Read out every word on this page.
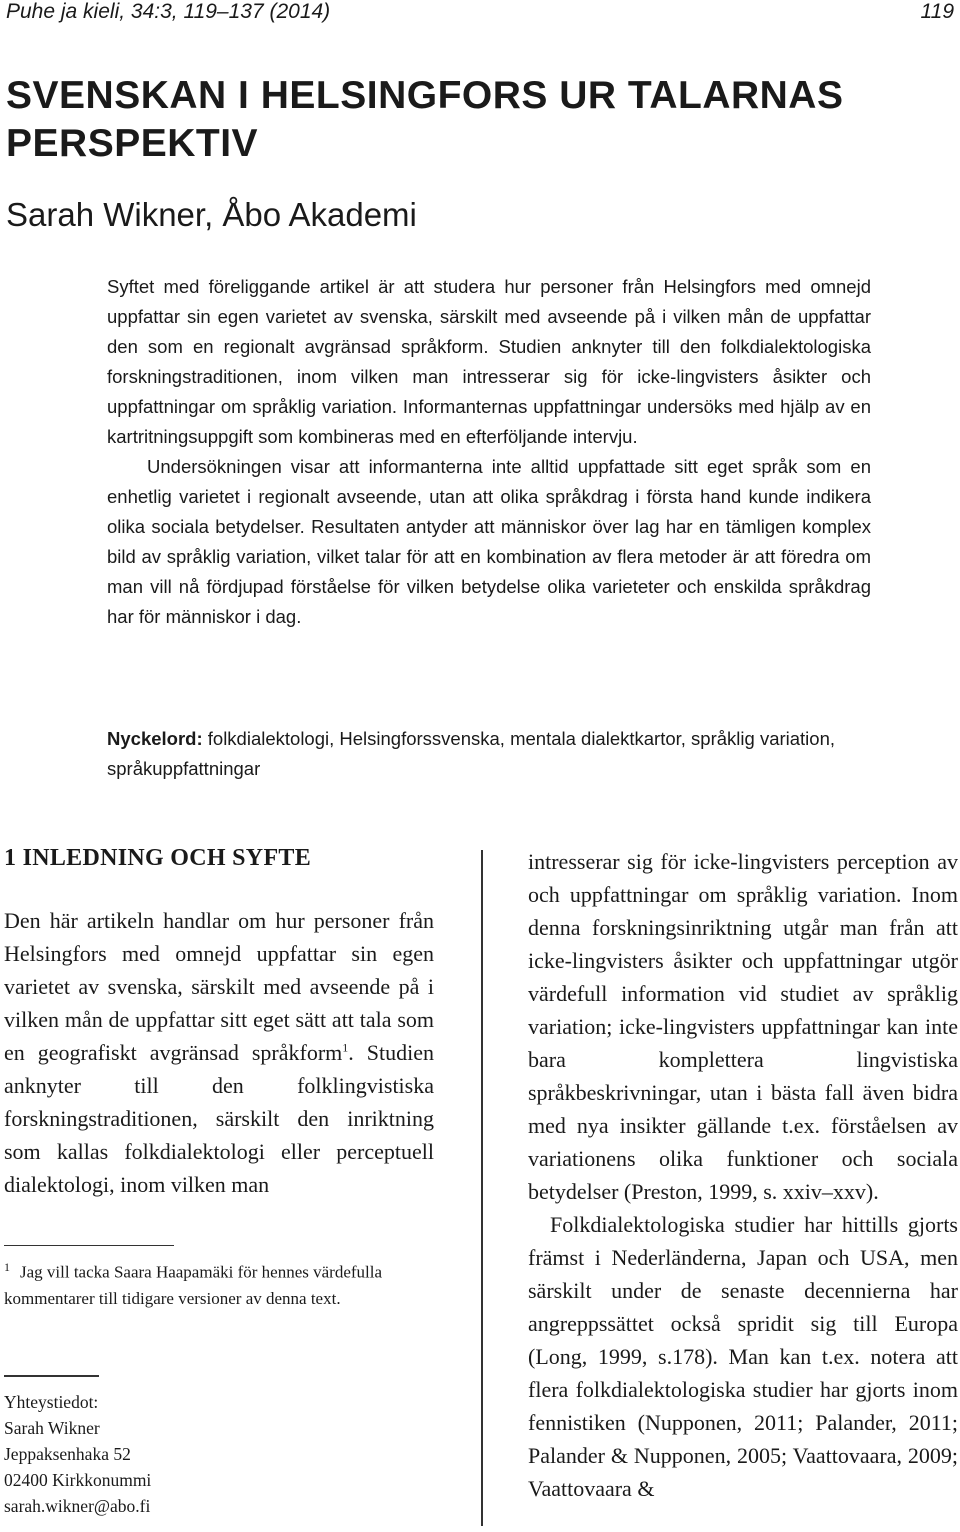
Puhe ja kieli, 34:3, 119–137 (2014)	119
SVENSKAN I HELSINGFORS UR TALARNAS PERSPEKTIV
Sarah Wikner, Åbo Akademi

Syftet med föreliggande artikel är att studera hur personer från Helsingfors med omnejd uppfattar sin egen varietet av svenska, särskilt med avseende på i vilken mån de uppfattar den som en regionalt avgränsad språkform. Studien anknyter till den folkdialektologiska forskningstraditionen, inom vilken man intresserar sig för icke-lingvisters åsikter och uppfattningar om språklig variation. Informanternas uppfattningar undersöks med hjälp av en kartritningsuppgift som kombineras med en efterföljande intervju.

Undersökningen visar att informanterna inte alltid uppfattade sitt eget språk som en enhetlig varietet i regionalt avseende, utan att olika språkdrag i första hand kunde indikera olika sociala betydelser. Resultaten antyder att människor över lag har en tämligen komplex bild av språklig variation, vilket talar för att en kombination av flera metoder är att föredra om man vill nå fördjupad förståelse för vilken betydelse olika varieteter och enskilda språkdrag har för människor i dag.

Nyckelord: folkdialektologi, Helsingforssvenska, mentala dialektkartor, språklig variation, språkuppfattningar
1 INLEDNING OCH SYFTE

Den här artikeln handlar om hur personer från Helsingfors med omnejd uppfattar sin egen varietet av svenska, särskilt med avseende på i vilken mån de uppfattar sitt eget sätt att tala som en geografiskt avgränsad språkform$^1$. Studien anknyter till den folklingvistiska forskningstraditionen, särskilt den inriktning som kallas folkdialektologi eller perceptuell dialektologi, inom vilken man

$^1$ Jag vill tacka Saara Haapamäki för hennes värdefulla kommentarer till tidigare versioner av denna text.

intresserar sig för icke-lingvisters perception av och uppfattningar om språklig variation. Inom denna forskningsinriktning utgår man från att icke-lingvisters åsikter och uppfattningar utgör värdefull information vid studiet av språklig variation; icke-lingvisters uppfattningar kan inte bara komplettera lingvistiska språkbeskrivningar, utan i bästa fall även bidra med nya insikter gällande t.ex. förståelsen av variationens olika funktioner och sociala betydelser (Preston, 1999, s. xxiv–xxv).

Folkdialektologiska studier har hittills gjorts främst i Nederländerna, Japan och USA, men särskilt under de senaste decennierna har angreppssättet också spridit sig till Europa (Long, 1999, s.178). Man kan t.ex. notera att flera folkdialektologiska studier har gjorts inom fennistiken (Nupponen, 2011; Palander, 2011; Palander & Nupponen, 2005; Vaattovaara, 2009; Vaattovaara &

Yhteystiedot:
Sarah Wikner
Jeppaksenhaka 52
02400 Kirkkonummi
sarah.wikner@abo.fi
